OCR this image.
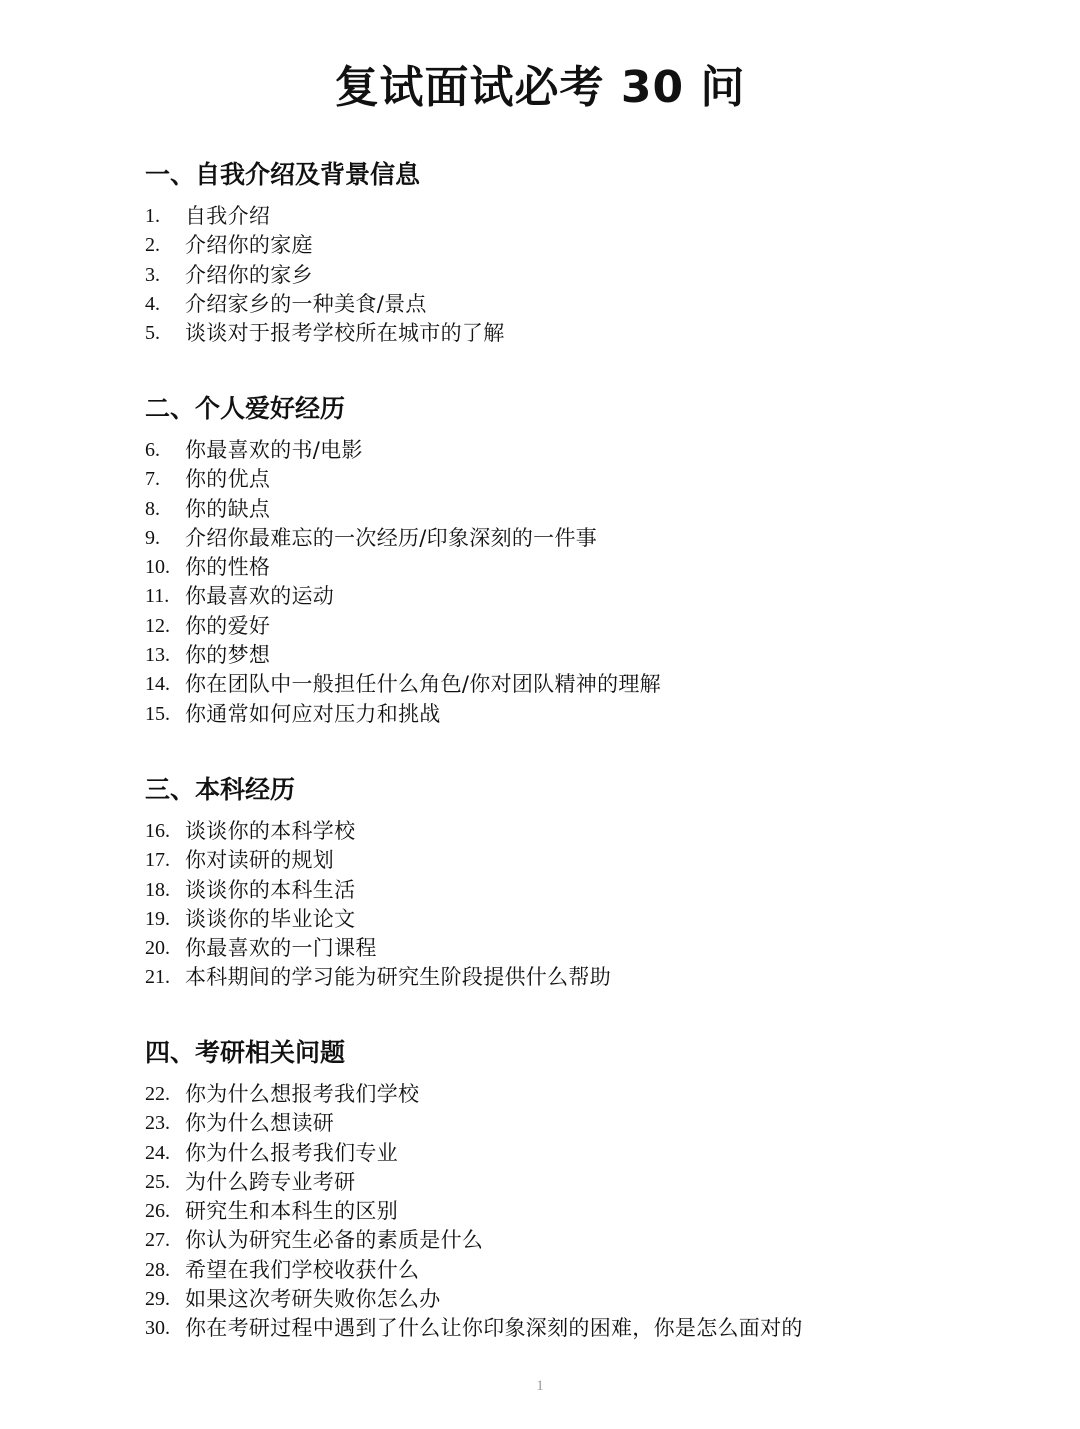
复试面试必考 30 问
一、自我介绍及背景信息
1.	自我介绍
2.	介绍你的家庭
3.	介绍你的家乡
4.	介绍家乡的一种美食/景点
5.	谈谈对于报考学校所在城市的了解
二、个人爱好经历
6.	你最喜欢的书/电影
7.	你的优点
8.	你的缺点
9.	介绍你最难忘的一次经历/印象深刻的一件事
10. 你的性格
11. 你最喜欢的运动
12. 你的爱好
13. 你的梦想
14. 你在团队中一般担任什么角色/你对团队精神的理解
15. 你通常如何应对压力和挑战
三、本科经历
16. 谈谈你的本科学校
17. 你对读研的规划
18. 谈谈你的本科生活
19. 谈谈你的毕业论文
20. 你最喜欢的一门课程
21. 本科期间的学习能为研究生阶段提供什么帮助
四、考研相关问题
22. 你为什么想报考我们学校
23. 你为什么想读研
24. 你为什么报考我们专业
25. 为什么跨专业考研
26. 研究生和本科生的区别
27. 你认为研究生必备的素质是什么
28. 希望在我们学校收获什么
29. 如果这次考研失败你怎么办
30. 你在考研过程中遇到了什么让你印象深刻的困难，你是怎么面对的
1
